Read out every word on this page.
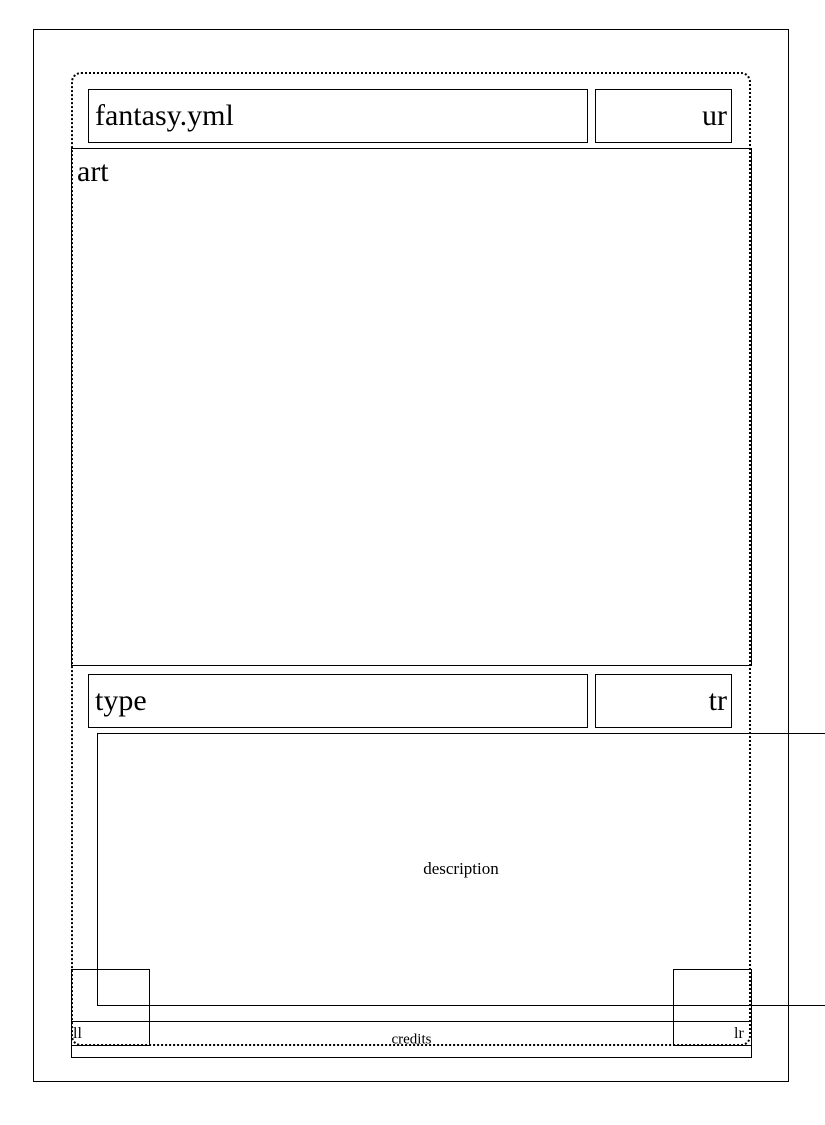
fantasy.yml	ur
art
type	tr
description
credits
ll	lr
